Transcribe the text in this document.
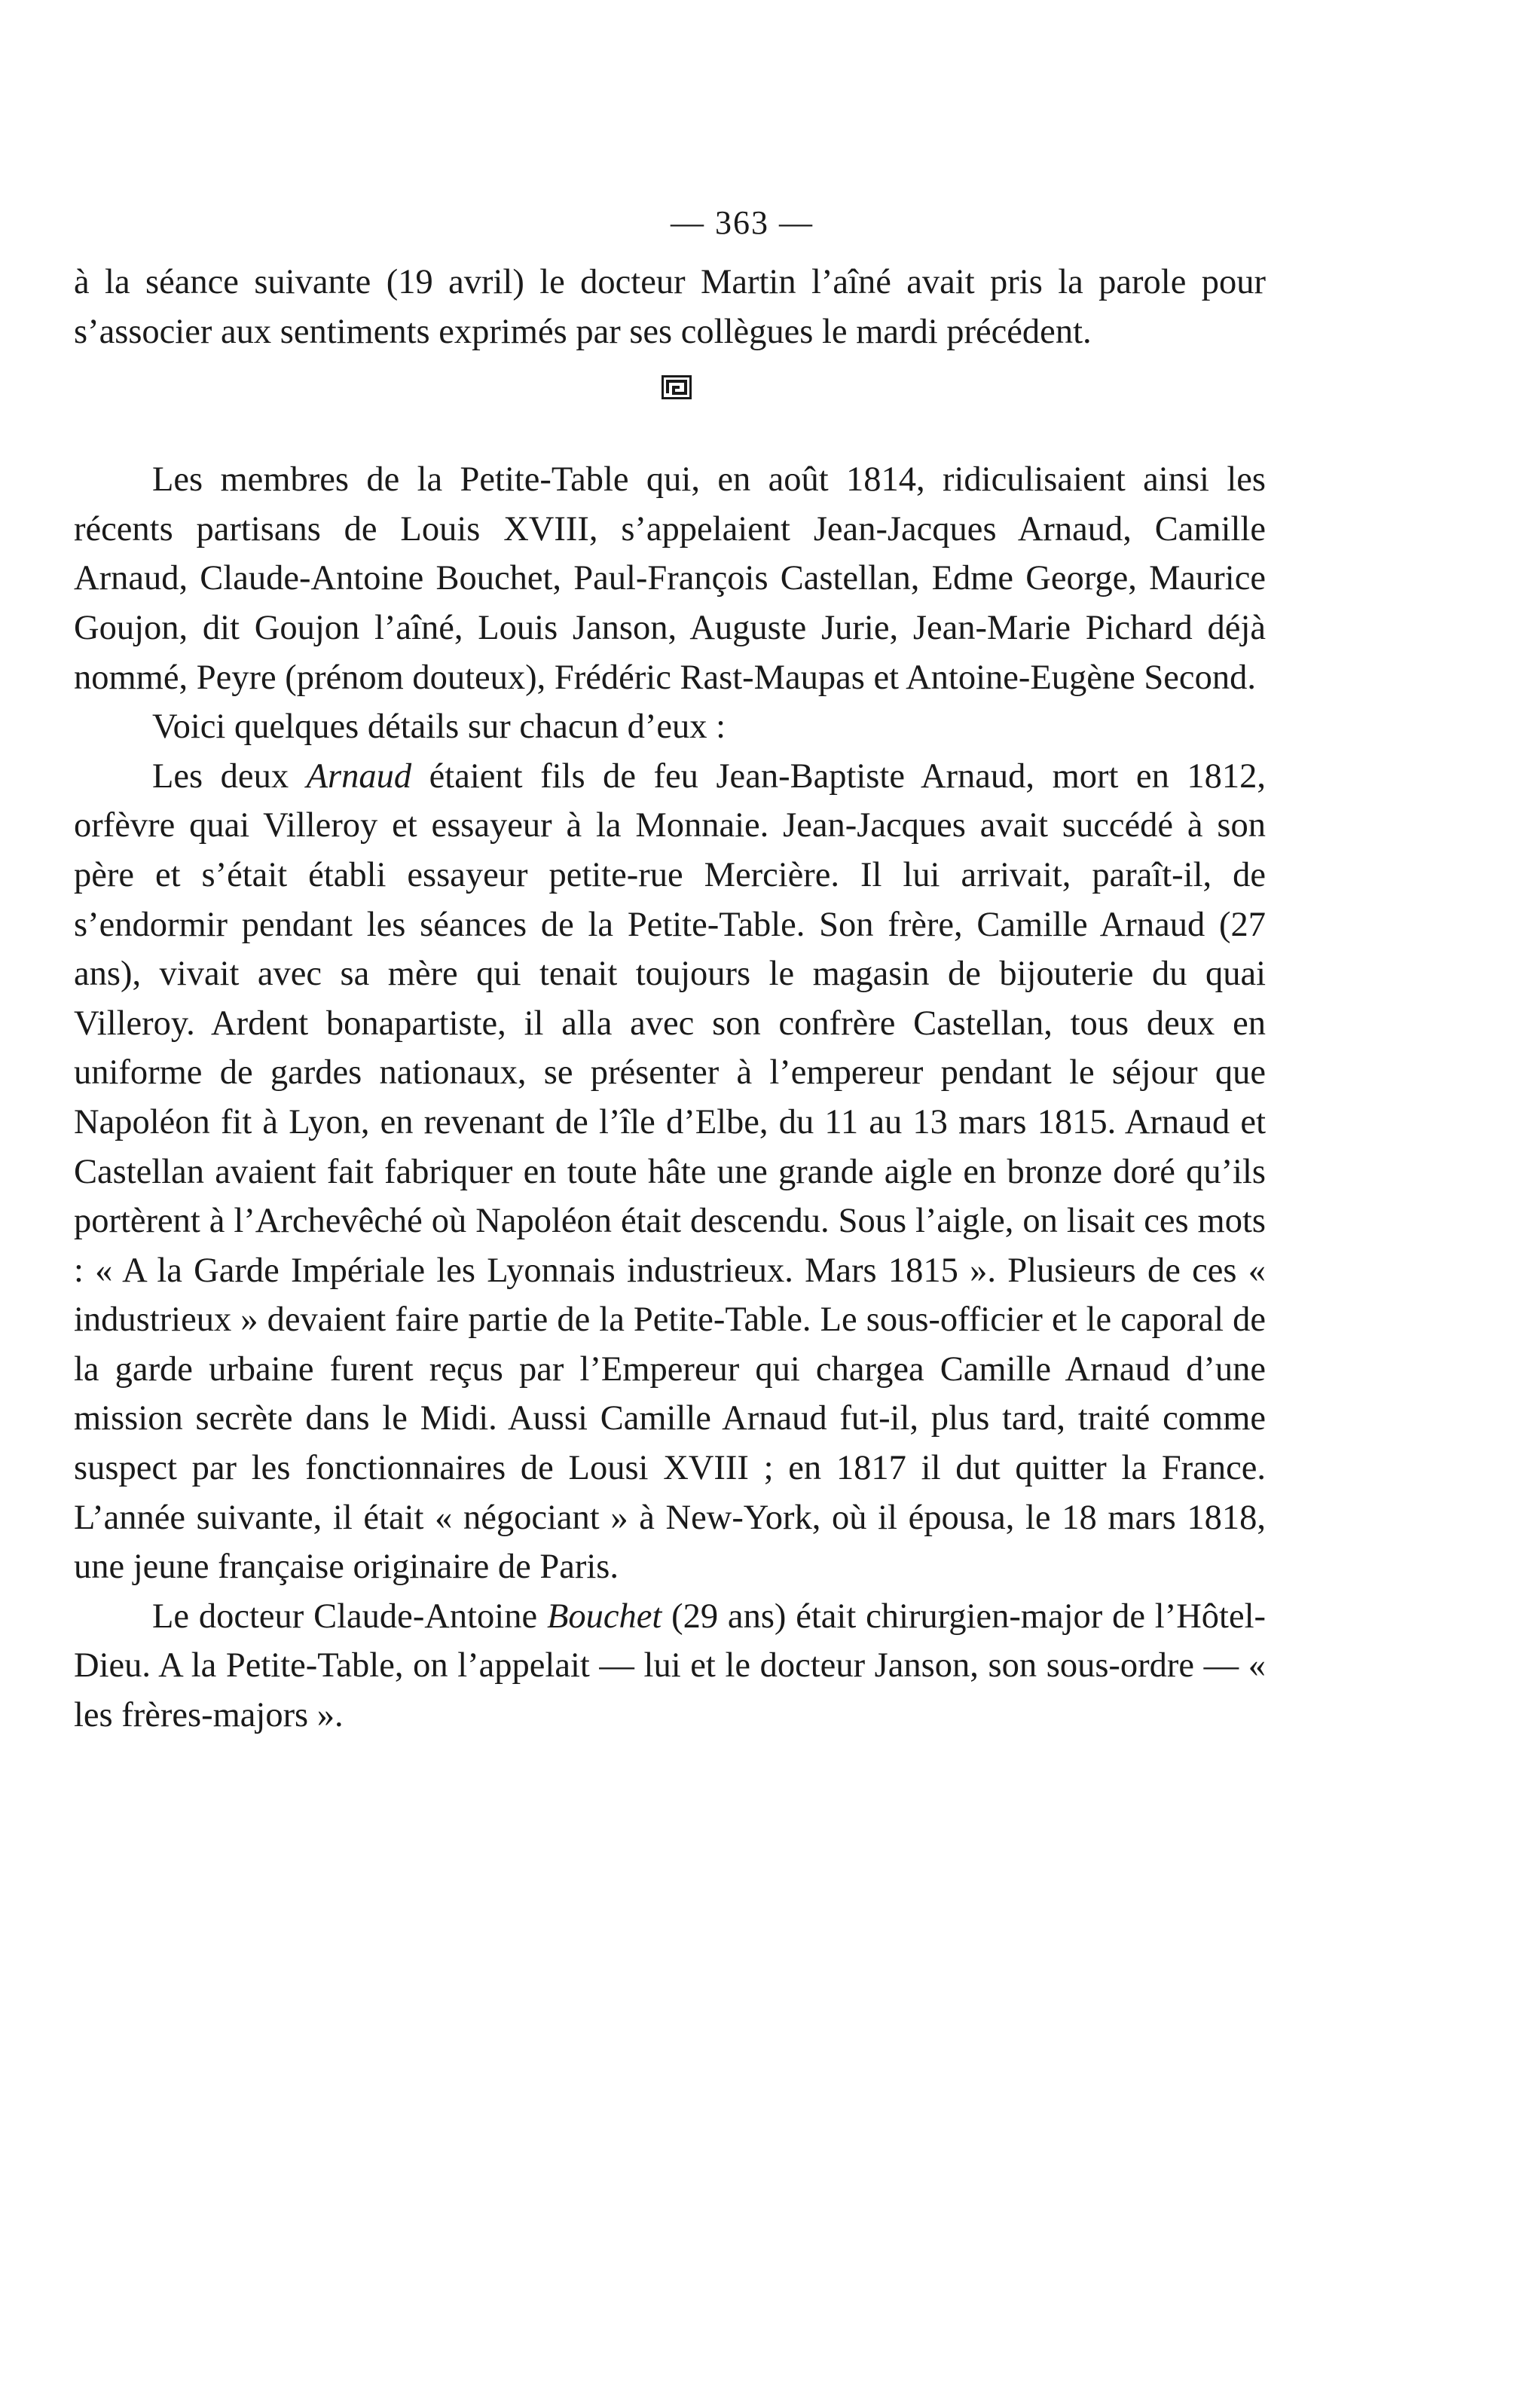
— 363 —

à la séance suivante (19 avril) le docteur Martin l’aîné avait pris la parole pour s’associer aux sentiments exprimés par ses collègues le mardi précédent.

Les membres de la Petite-Table qui, en août 1814, ridiculisaient ainsi les récents partisans de Louis XVIII, s’appelaient Jean-Jacques Arnaud, Camille Arnaud, Claude-Antoine Bouchet, Paul-François Castellan, Edme George, Maurice Goujon, dit Goujon l’aîné, Louis Janson, Auguste Jurie, Jean-Marie Pichard déjà nommé, Peyre (prénom douteux), Frédéric Rast-Maupas et Antoine-Eugène Second.

Voici quelques détails sur chacun d’eux :

Les deux Arnaud étaient fils de feu Jean-Baptiste Arnaud, mort en 1812, orfèvre quai Villeroy et essayeur à la Monnaie. Jean-Jacques avait succédé à son père et s’était établi essayeur petite-rue Mercière. Il lui arrivait, paraît-il, de s’endormir pendant les séances de la Petite-Table. Son frère, Camille Arnaud (27 ans), vivait avec sa mère qui tenait toujours le magasin de bijouterie du quai Villeroy. Ardent bonapartiste, il alla avec son confrère Castellan, tous deux en uniforme de gardes nationaux, se présenter à l’empereur pendant le séjour que Napoléon fit à Lyon, en revenant de l’île d’Elbe, du 11 au 13 mars 1815. Arnaud et Castellan avaient fait fabriquer en toute hâte une grande aigle en bronze doré qu’ils portèrent à l’Archevêché où Napoléon était descendu. Sous l’aigle, on lisait ces mots : « A la Garde Impériale les Lyonnais industrieux. Mars 1815 ». Plusieurs de ces « industrieux » devaient faire partie de la Petite-Table. Le sous-officier et le caporal de la garde urbaine furent reçus par l’Empereur qui chargea Camille Arnaud d’une mission secrète dans le Midi. Aussi Camille Arnaud fut-il, plus tard, traité comme suspect par les fonctionnaires de Lousi XVIII ; en 1817 il dut quitter la France. L’année suivante, il était « négociant » à New-York, où il épousa, le 18 mars 1818, une jeune française originaire de Paris.

Le docteur Claude-Antoine Bouchet (29 ans) était chirurgien-major de l’Hôtel-Dieu. A la Petite-Table, on l’appelait — lui et le docteur Janson, son sous-ordre — « les frères-majors ».
